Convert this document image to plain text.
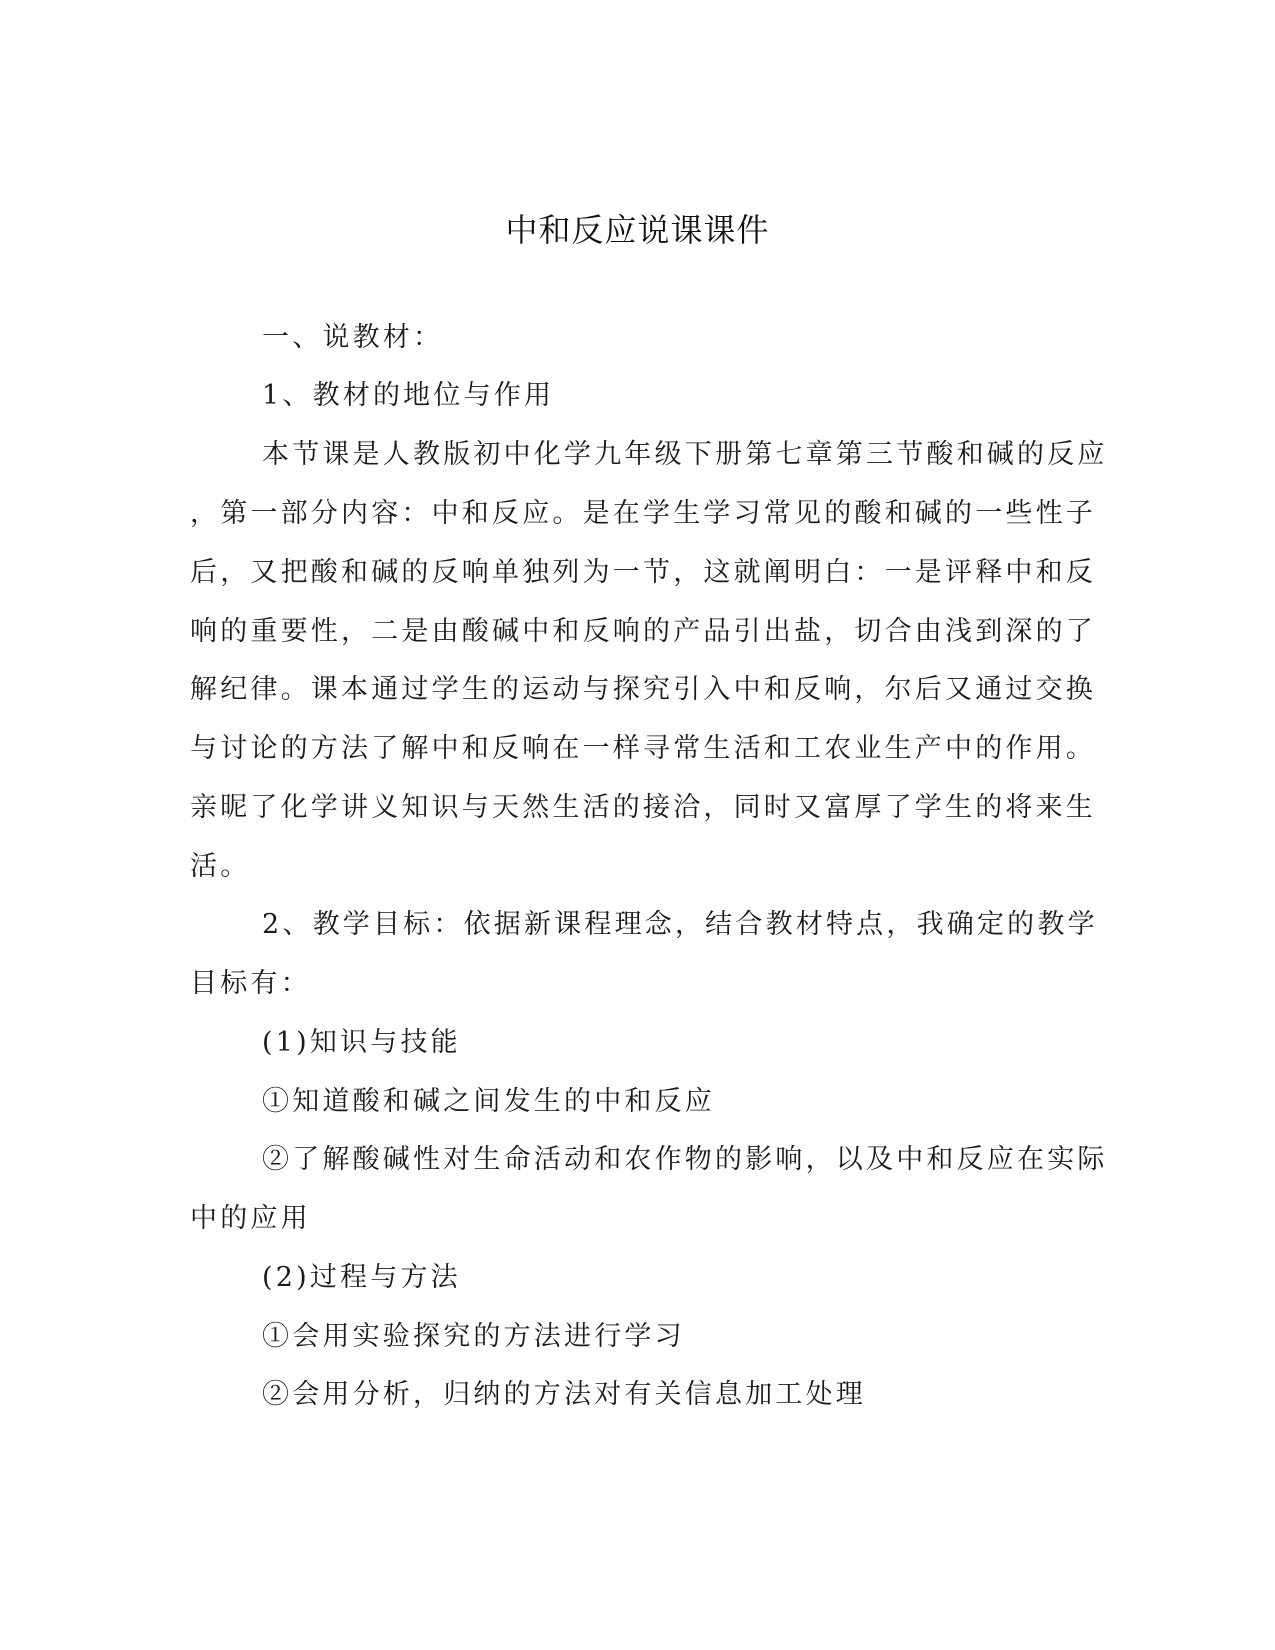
中和反应说课课件
一、说教材：
1、教材的地位与作用
本节课是人教版初中化学九年级下册第七章第三节酸和碱的反应
，第一部分内容：中和反应。是在学生学习常见的酸和碱的一些性子
后，又把酸和碱的反响单独列为一节，这就阐明白：一是评释中和反
响的重要性，二是由酸碱中和反响的产品引出盐，切合由浅到深的了
解纪律。课本通过学生的运动与探究引入中和反响，尔后又通过交换
与讨论的方法了解中和反响在一样寻常生活和工农业生产中的作用。
亲昵了化学讲义知识与天然生活的接洽，同时又富厚了学生的将来生
活。
2、教学目标：依据新课程理念，结合教材特点，我确定的教学
目标有：
(1)知识与技能
①知道酸和碱之间发生的中和反应
②了解酸碱性对生命活动和农作物的影响，以及中和反应在实际
中的应用
(2)过程与方法
①会用实验探究的方法进行学习
②会用分析，归纳的方法对有关信息加工处理
